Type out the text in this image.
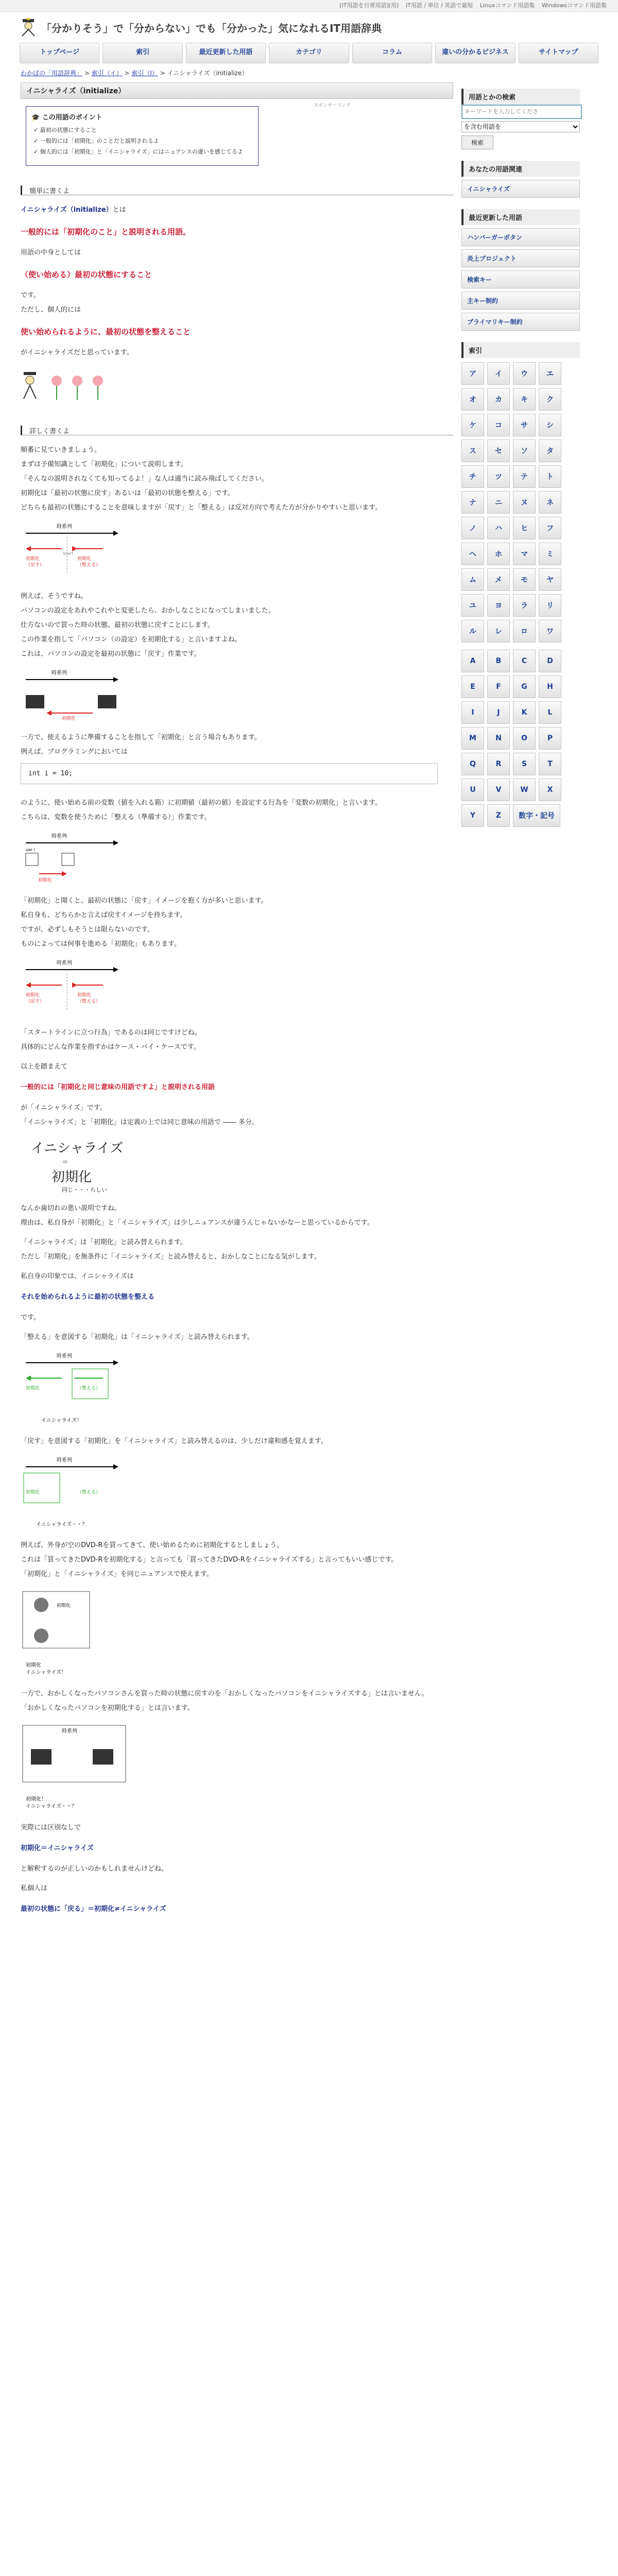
[IT用語を日常用語](用) IT用語 / 単位 / 英語で最短 Linuxコマンド用語集 Windowsコマンド用語集
「分かりそう」で「分からない」でも「分かった」気になれるIT用語辞典
トップページ	索引	最近更新した用語	カテゴリ	コラム	違いの分かるビジネス	サイトマップ
わかばの「用語辞典」 > 索引（イ） > 索引（I） > イニシャライズ（initialize）
イニシャライズ（initialize）
スポンサーリンク
🎓 この用語のポイント
✓ 最初の状態にすること
✓ 一般的には「初期化」のことだと説明されるよ
✓ 個人的には「初期化」と「イニシャライズ」にはニュアンスの違いを感じてるよ
簡単に書くよ

イニシャライズ（initialize）とは

一般的には「初期化のこと」と説明される用語。

用語の中身としては

（使い始める）最初の状態にすること

です。

ただし、個人的には

使い始められるように、最初の状態を整えること

がイニシャライズだと思っています。

詳しく書くよ

順番に見ていきましょう。

まずは予備知識として「初期化」について説明します。

「そんなの説明されなくても知ってるよ！」な人は適当に読み飛ばしてください。

初期化は「最初の状態に戻す」あるいは「最初の状態を整える」です。

どちらも最初の状態にすることを意味しますが「戻す」と「整える」は反対方向で考えた方が分かりやすいと思います。

時系列
start
初期化
（戻す）
初期化
（整える）

例えば、そうですね。

パソコンの設定をあれやこれやと変更したら、おかしなことになってしまいました。

仕方ないので買った時の状態、最初の状態に戻すことにします。

この作業を指して「パソコン（の設定）を初期化する」と言いますよね。

これは、パソコンの設定を最初の状態に「戻す」作業です。

時系列
初期化

一方で、使えるように準備することを指して「初期化」と言う場合もあります。

例えば、プログラミングにおいては

int i = 10;

のように、使い始める前の変数（値を入れる箱）に初期値（最初の値）を設定する行為を「変数の初期化」と言います。

こちらは、変数を使うために「整える（準備する）」作業です。

時系列
var i
初期化

「初期化」と聞くと、最初の状態に「戻す」イメージを抱く方が多いと思います。

私自身も、どちらかと言えば戻すイメージを持ちます。

ですが、必ずしもそうとは限らないのです。

ものによっては何事を進める「初期化」もあります。

時系列
初期化
（戻す）
初期化
（整える）

「スタートラインに立つ行為」であるのは同じですけどね。

具体的にどんな作業を指すかはケース・バイ・ケースです。

以上を踏まえて

一般的には「初期化と同じ意味の用語ですよ」と説明される用語

が「イニシャライズ」です。

「イニシャライズ」と「初期化」は定義の上では同じ意味の用語で ―― 多分。

イニシャライズ
＝
初期化
同じ・・・らしい

なんか歯切れの悪い説明ですね。

理由は、私自身が「初期化」と「イニシャライズ」は少しニュアンスが違うんじゃないかなーと思っているからです。

「イニシャライズ」は「初期化」と読み替えられます。

ただし「初期化」を無条件に「イニシャライズ」と読み替えると、おかしなことになる気がします。

私自身の印象では、イニシャライズは

それを始められるように最初の状態を整える

です。

「整える」を意図する「初期化」は「イニシャライズ」と読み替えられます。

時系列
初期化	（整える）
イニシャライズ！

「戻す」を意図する「初期化」を「イニシャライズ」と読み替えるのは、少しだけ違和感を覚えます。

時系列
初期化	（整える）
イニシャライズ・・？

例えば、外身が空のDVD-Rを買ってきて、使い始めるために初期化するとしましょう。

これは「買ってきたDVD-Rを初期化する」と言っても「買ってきたDVD-Rをイニシャライズする」と言ってもいい感じです。

「初期化」と「イニシャライズ」を同じニュアンスで使えます。

初期化
初期化
イニシャライズ！

一方で、おかしくなったパソコンさんを買った時の状態に戻すのを「おかしくなったパソコンをイニシャライズする」とは言いません。

「おかしくなったパソコンを初期化する」とは言います。

時系列
初期化！
イニシャライズ・・？

実際には区別なしで

初期化＝イニシャライズ

と解釈するのが正しいのかもしれませんけどね。

私個人は

最初の状態に「戻る」＝初期化≠イニシャライズ

用語とかの検索
キーワードを入力してくださ
を含む用語を 検索
あなたの用語関連
イニシャライズ
最近更新した用語
ハンバーガーボタン
炎上プロジェクト
検索キー
主キー制約
プライマリキー制約
索引
ア	イ	ウ	エ
オ	カ	キ	ク
ケ	コ	サ	シ
ス	セ	ソ	タ
チ	ツ	テ	ト
ナ	ニ	ヌ	ネ
ノ	ハ	ヒ	フ
ヘ	ホ	マ	ミ
ム	メ	モ	ヤ
ユ	ヨ	ラ	リ
ル	レ	ロ	ワ
A	B	C	D
E	F	G	H
I	J	K	L
M	N	O	P
Q	R	S	T
U	V	W	X
Y	Z	数字・記号
